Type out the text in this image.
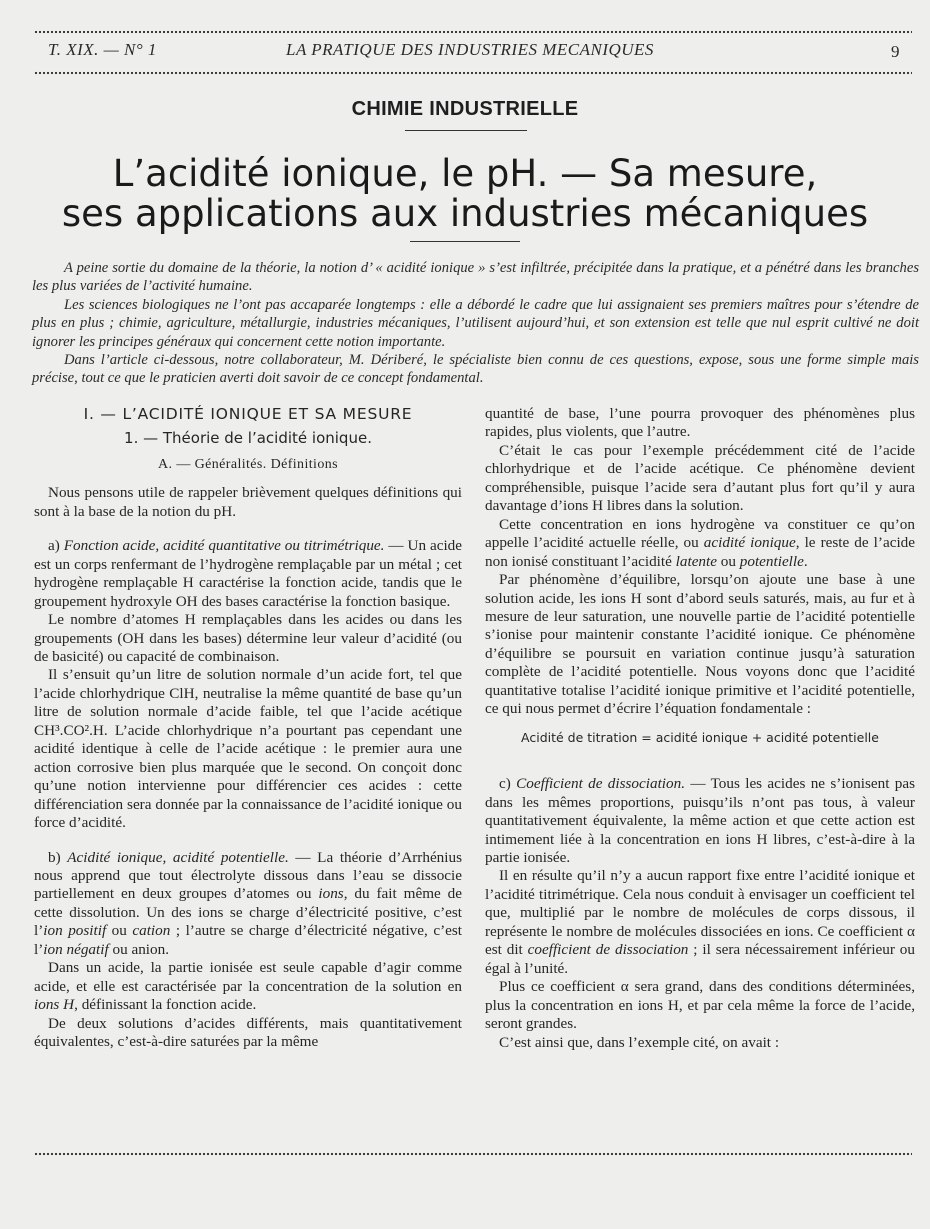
T. XIX. — N° 1	LA PRATIQUE DES INDUSTRIES MECANIQUES	9
CHIMIE INDUSTRIELLE
L’acidité ionique, le pH. — Sa mesure,
ses applications aux industries mécaniques

A peine sortie du domaine de la théorie, la notion d’ « acidité ionique » s’est infiltrée, précipitée dans la pratique, et a pénétré dans les branches les plus variées de l’activité humaine.

Les sciences biologiques ne l’ont pas accaparée longtemps : elle a débordé le cadre que lui assignaient ses premiers maîtres pour s’étendre de plus en plus ; chimie, agriculture, métallurgie, industries mécaniques, l’utilisent aujourd’hui, et son extension est telle que nul esprit cultivé ne doit ignorer les principes généraux qui concernent cette notion importante.

Dans l’article ci-dessous, notre collaborateur, M. Dériberé, le spécialiste bien connu de ces questions, expose, sous une forme simple mais précise, tout ce que le praticien averti doit savoir de ce concept fondamental.

I. — L’ACIDITÉ IONIQUE ET SA MESURE
1. — Théorie de l’acidité ionique.
A. — Généralités. Définitions

Nous pensons utile de rappeler brièvement quelques définitions qui sont à la base de la notion du pH.

a) Fonction acide, acidité quantitative ou titrimétrique. — Un acide est un corps renfermant de l’hydrogène remplaçable par un métal ; cet hydrogène remplaçable H caractérise la fonction acide, tandis que le groupement hydroxyle OH des bases caractérise la fonction basique.

Le nombre d’atomes H remplaçables dans les acides ou dans les groupements (OH dans les bases) détermine leur valeur d’acidité (ou de basicité) ou capacité de combinaison.

Il s’ensuit qu’un litre de solution normale d’un acide fort, tel que l’acide chlorhydrique ClH, neutralise la même quantité de base qu’un litre de solution normale d’acide faible, tel que l’acide acétique CH³.CO².H. L’acide chlorhydrique n’a pourtant pas cependant une acidité identique à celle de l’acide acétique : le premier aura une action corrosive bien plus marquée que le second. On conçoit donc qu’une notion intervienne pour différencier ces acides : cette différenciation sera donnée par la connaissance de l’acidité ionique ou force d’acidité.

b) Acidité ionique, acidité potentielle. — La théorie d’Arrhénius nous apprend que tout électrolyte dissous dans l’eau se dissocie partiellement en deux groupes d’atomes ou ions, du fait même de cette dissolution. Un des ions se charge d’électricité positive, c’est l’ion positif ou cation ; l’autre se charge d’électricité négative, c’est l’ion négatif ou anion.

Dans un acide, la partie ionisée est seule capable d’agir comme acide, et elle est caractérisée par la concentration de la solution en ions H, définissant la fonction acide.

De deux solutions d’acides différents, mais quantitativement équivalentes, c’est-à-dire saturées par la même

quantité de base, l’une pourra provoquer des phénomènes plus rapides, plus violents, que l’autre.

C’était le cas pour l’exemple précédemment cité de l’acide chlorhydrique et de l’acide acétique. Ce phénomène devient compréhensible, puisque l’acide sera d’autant plus fort qu’il y aura davantage d’ions H libres dans la solution.

Cette concentration en ions hydrogène va constituer ce qu’on appelle l’acidité actuelle réelle, ou acidité ionique, le reste de l’acide non ionisé constituant l’acidité latente ou potentielle.

Par phénomène d’équilibre, lorsqu’on ajoute une base à une solution acide, les ions H sont d’abord seuls saturés, mais, au fur et à mesure de leur saturation, une nouvelle partie de l’acidité potentielle s’ionise pour maintenir constante l’acidité ionique. Ce phénomène d’équilibre se poursuit en variation continue jusqu’à saturation complète de l’acidité potentielle. Nous voyons donc que l’acidité quantitative totalise l’acidité ionique primitive et l’acidité potentielle, ce qui nous permet d’écrire l’équation fondamentale :

Acidité de titration = acidité ionique + acidité potentielle

c) Coefficient de dissociation. — Tous les acides ne s’ionisent pas dans les mêmes proportions, puisqu’ils n’ont pas tous, à valeur quantitativement équivalente, la même action et que cette action est intimement liée à la concentration en ions H libres, c’est-à-dire à la partie ionisée.

Il en résulte qu’il n’y a aucun rapport fixe entre l’acidité ionique et l’acidité titrimétrique. Cela nous conduit à envisager un coefficient tel que, multiplié par le nombre de molécules de corps dissous, il représente le nombre de molécules dissociées en ions. Ce coefficient α est dit coefficient de dissociation ; il sera nécessairement inférieur ou égal à l’unité.

Plus ce coefficient α sera grand, dans des conditions déterminées, plus la concentration en ions H, et par cela même la force de l’acide, seront grandes.

C’est ainsi que, dans l’exemple cité, on avait :
